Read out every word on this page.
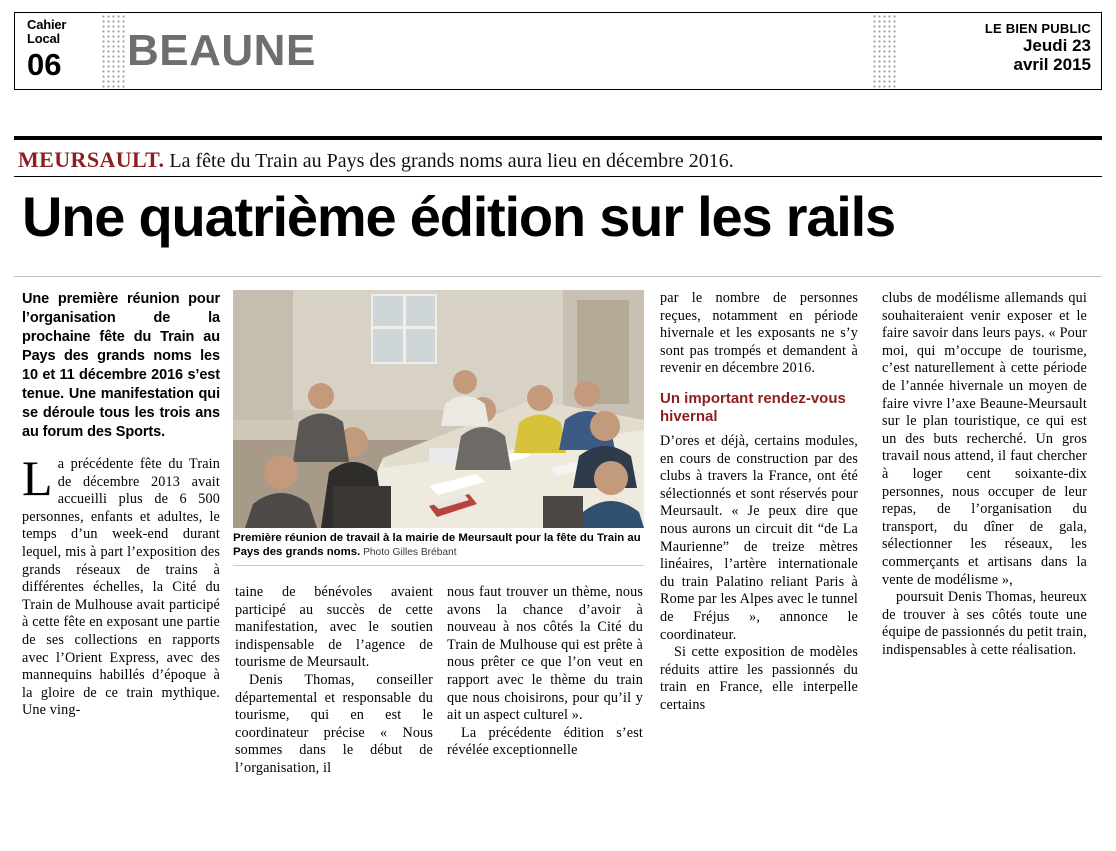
Cahier
Local
06	BEAUNE	LE BIEN PUBLIC
Jeudi 23
avril 2015
MEURSAULT. La fête du Train au Pays des grands noms aura lieu en décembre 2016.
Une quatrième édition sur les rails
Une première réunion pour l’organisation de la prochaine fête du Train au Pays des grands noms les 10 et 11 décembre 2016 s’est tenue. Une manifestation qui se déroule tous les trois ans au forum des Sports.
La précédente fête du Train de décembre 2013 avait accueilli plus de 6 500 personnes, enfants et adultes, le temps d’un week-end durant lequel, mis à part l’exposition des grands réseaux de trains à différentes échelles, la Cité du Train de Mulhouse avait participé à cette fête en exposant une partie de ses collections en rapports avec l’Orient Express, avec des mannequins habillés d’époque à la gloire de ce train mythique. Une ving-
Première réunion de travail à la mairie de Meursault pour la fête du Train au Pays des grands noms. Photo Gilles Brébant

taine de bénévoles avaient participé au succès de cette manifestation, avec le soutien indispensable de l’agence de tourisme de Meursault.

Denis Thomas, conseiller départemental et responsable du tourisme, qui en est le coordinateur précise « Nous sommes dans le début de l’organisation, il

nous faut trouver un thème, nous avons la chance d’avoir à nouveau à nos côtés la Cité du Train de Mulhouse qui est prête à nous prêter ce que l’on veut en rapport avec le thème du train que nous choisirons, pour qu’il y ait un aspect culturel ».

La précédente édition s’est révélée exceptionnelle

par le nombre de personnes reçues, notamment en période hivernale et les exposants ne s’y sont pas trompés et demandent à revenir en décembre 2016.

Un important rendez-vous hivernal

D’ores et déjà, certains modules, en cours de construction par des clubs à travers la France, ont été sélectionnés et sont réservés pour Meursault. « Je peux dire que nous aurons un circuit dit “de La Maurienne” de treize mètres linéaires, l’artère internationale du train Palatino reliant Paris à Rome par les Alpes avec le tunnel de Fréjus », annonce le coordinateur.

Si cette exposition de modèles réduits attire les passionnés du train en France, elle interpelle certains

clubs de modélisme allemands qui souhaiteraient venir exposer et le faire savoir dans leurs pays. « Pour moi, qui m’occupe de tourisme, c’est naturellement à cette période de l’année hivernale un moyen de faire vivre l’axe Beaune-Meursault sur le plan touristique, ce qui est un des buts recherché. Un gros travail nous attend, il faut chercher à loger cent soixante-dix personnes, nous occuper de leur repas, de l’organisation du transport, du dîner de gala, sélectionner les réseaux, les commerçants et artisans dans la vente de modélisme »,

poursuit Denis Thomas, heureux de trouver à ses côtés toute une équipe de passionnés du petit train, indispensables à cette réalisation.
